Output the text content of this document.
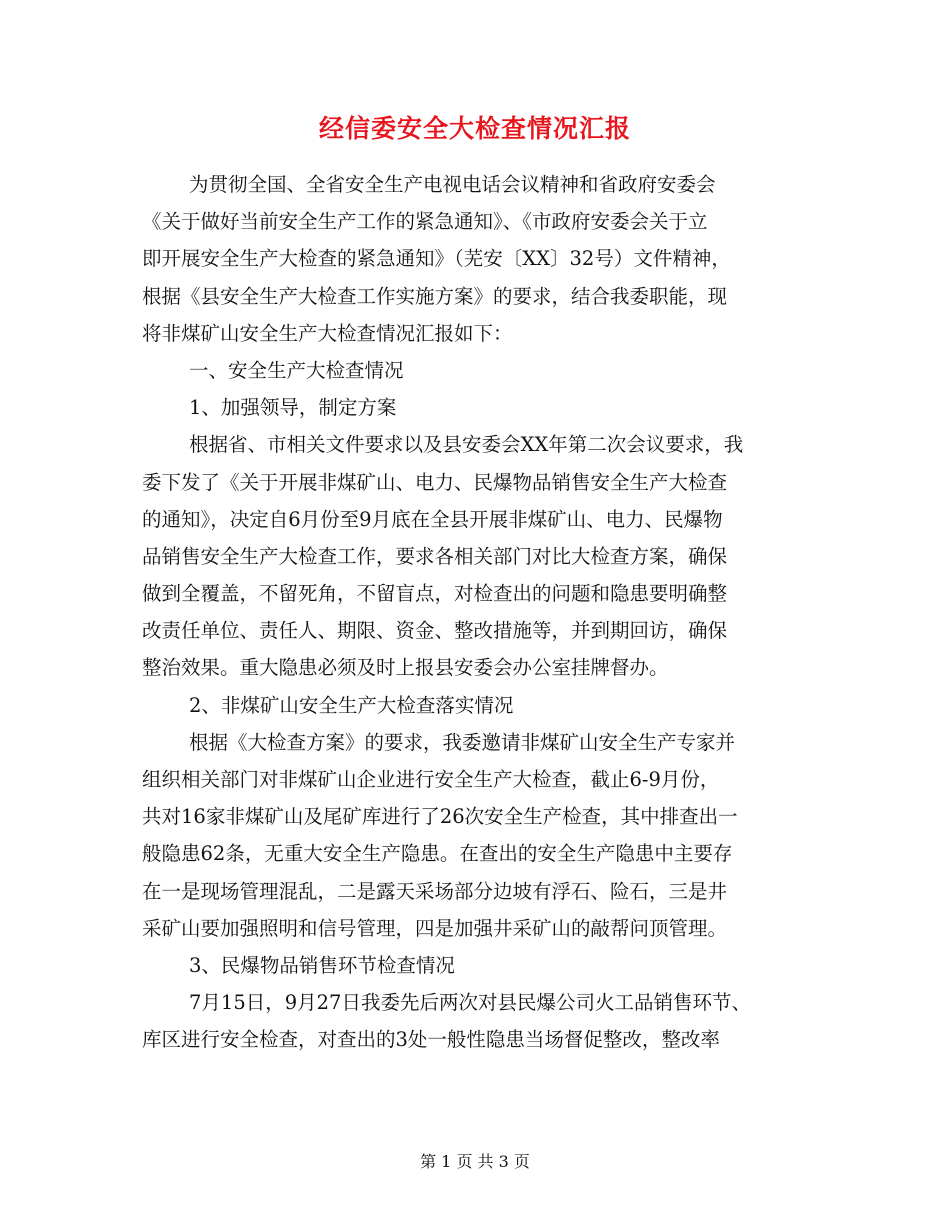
经信委安全大检查情况汇报
为贯彻全国、全省安全生产电视电话会议精神和省政府安委会
《关于做好当前安全生产工作的紧急通知》、《市政府安委会关于立
即开展安全生产大检查的紧急通知》（芜安〔XX〕32号）文件精神，
根据《县安全生产大检查工作实施方案》的要求，结合我委职能，现
将非煤矿山安全生产大检查情况汇报如下：
一、安全生产大检查情况
1、加强领导，制定方案
根据省、市相关文件要求以及县安委会XX年第二次会议要求，我
委下发了《关于开展非煤矿山、电力、民爆物品销售安全生产大检查
的通知》，决定自6月份至9月底在全县开展非煤矿山、电力、民爆物
品销售安全生产大检查工作，要求各相关部门对比大检查方案，确保
做到全覆盖，不留死角，不留盲点，对检查出的问题和隐患要明确整
改责任单位、责任人、期限、资金、整改措施等，并到期回访，确保
整治效果。重大隐患必须及时上报县安委会办公室挂牌督办。
2、非煤矿山安全生产大检查落实情况
根据《大检查方案》的要求，我委邀请非煤矿山安全生产专家并
组织相关部门对非煤矿山企业进行安全生产大检查，截止6-9月份，
共对16家非煤矿山及尾矿库进行了26次安全生产检查，其中排查出一
般隐患62条，无重大安全生产隐患。在查出的安全生产隐患中主要存
在一是现场管理混乱，二是露天采场部分边坡有浮石、险石，三是井
采矿山要加强照明和信号管理，四是加强井采矿山的敲帮问顶管理。
3、民爆物品销售环节检查情况
7月15日，9月27日我委先后两次对县民爆公司火工品销售环节、
库区进行安全检查，对查出的3处一般性隐患当场督促整改，整改率
第 1 页 共 3 页
